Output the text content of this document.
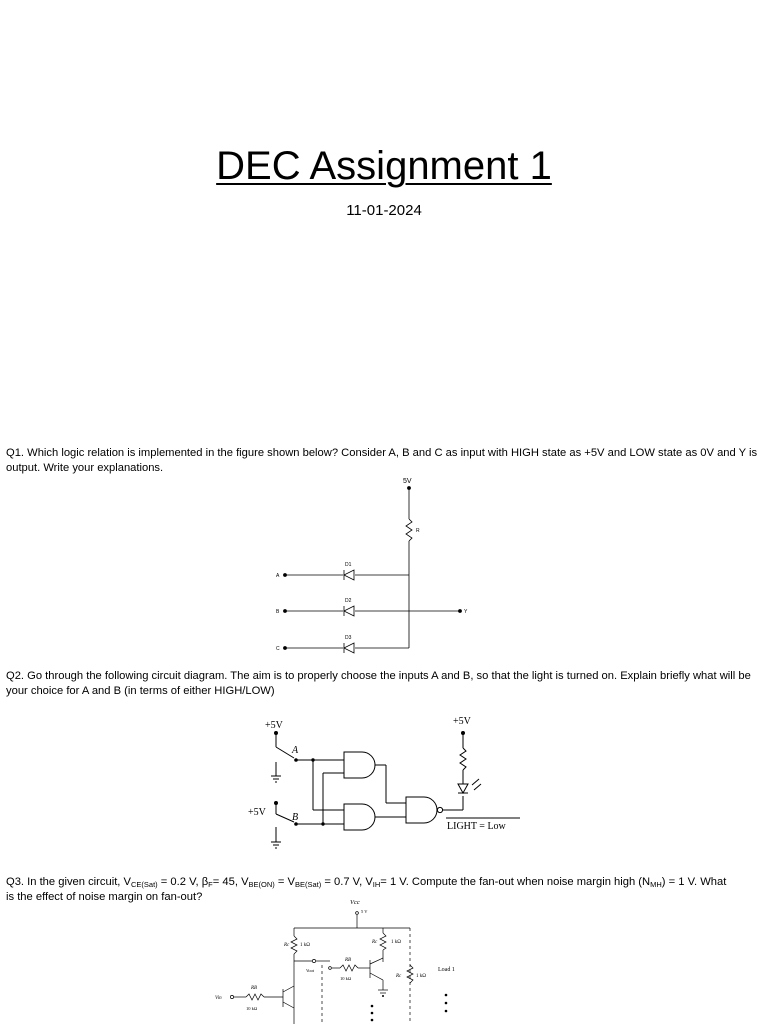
DEC Assignment 1
11-01-2024
Q1. Which logic relation is implemented in the figure shown below? Consider A, B and C as input with HIGH state as +5V and LOW state as 0V and Y is output. Write your explanations.
5V
R
D1
D2
D3
A
B
C
Y
Q2. Go through the following circuit diagram. The aim is to properly choose the inputs A and B, so that the light is turned on. Explain briefly what will be your choice for A and B (in terms of either HIGH/LOW)
+5V
A
+5V	B
+5V
LIGHT = Low
Q3. In the given circuit, $V_{CE(Sat)} = 0.2$ V, $\beta_F= 45$, $V_{BE(ON)} = V_{BE(Sat)} = 0.7$ V, $V_{IH}= 1$ V. Compute the fan-out when noise margin high $(N_{MH}) = 1$ V. What
is the effect of noise margin on fan-out?	Vcc
5 V
Rc 1 kΩ
Rc	1 kΩ
Rc	1 kΩ
RB
10 kΩ
Vout	Load 1
RB
10 kΩ
Vin
